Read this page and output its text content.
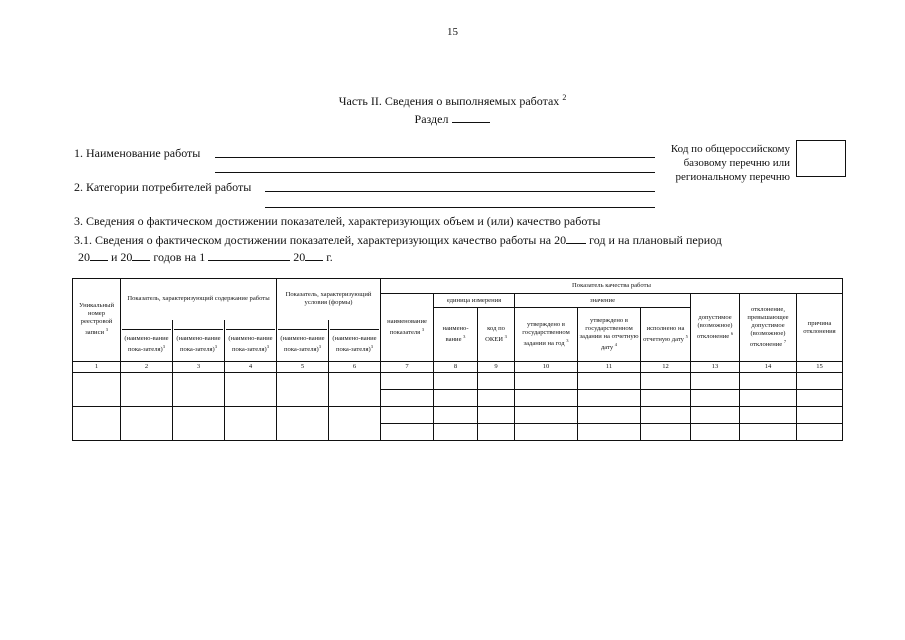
15
Часть II. Сведения о выполняемых работах $^2$
Раздел
1. Наименование работы
2. Категории потребителей работы
Код по общероссийскому
базовому перечню или
региональному перечню
3. Сведения о фактическом достижении показателей, характеризующих объем и (или) качество работы
3.1. Сведения о фактическом достижении показателей, характеризующих качество работы на 20 год и на плановый период
20 и 20 годов на 1	20 г.
Уникальный номер реестровой записи $^3$	Показатель, характеризующий содержание работы			Показатель, характеризующий условия (формы)		Показатель качества работы								
						наименование показателя $^3$	единица измерения		значение			допустимое (возможное) отклонение $^6$	отклонение, превышающее допустимое (возможное) отклонение $^7$	причина отклонения
							наимено-вание $^3$	код по ОКЕИ $^3$	утверждено в государственном задании на год $^3$	утверждено в государственном задании на отчетную дату $^4$	исполнено на отчетную дату $^5$
	(наимено-вание пока-зателя)$^3$	(наимено-вание пока-зателя)$^3$	(наимено-вание пока-зателя)$^3$	(наимено-вание пока-зателя)$^3$	(наимено-вание пока-зателя)$^3$
1	2	3	4	5	6	7	8	9	10	11	12	13	14	15
